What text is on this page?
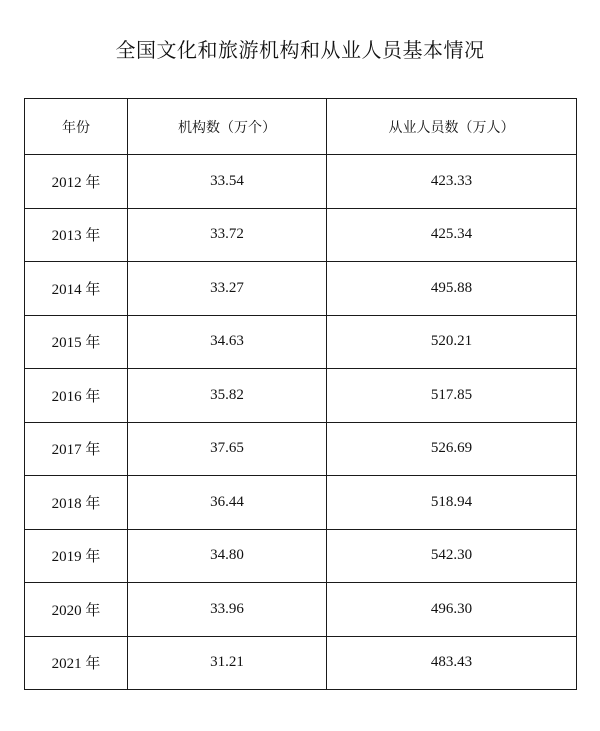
全国文化和旅游机构和从业人员基本情况
年份	机构数（万个）	从业人员数（万人）
2012 年	33.54	423.33
2013 年	33.72	425.34
2014 年	33.27	495.88
2015 年	34.63	520.21
2016 年	35.82	517.85
2017 年	37.65	526.69
2018 年	36.44	518.94
2019 年	34.80	542.30
2020 年	33.96	496.30
2021 年	31.21	483.43
